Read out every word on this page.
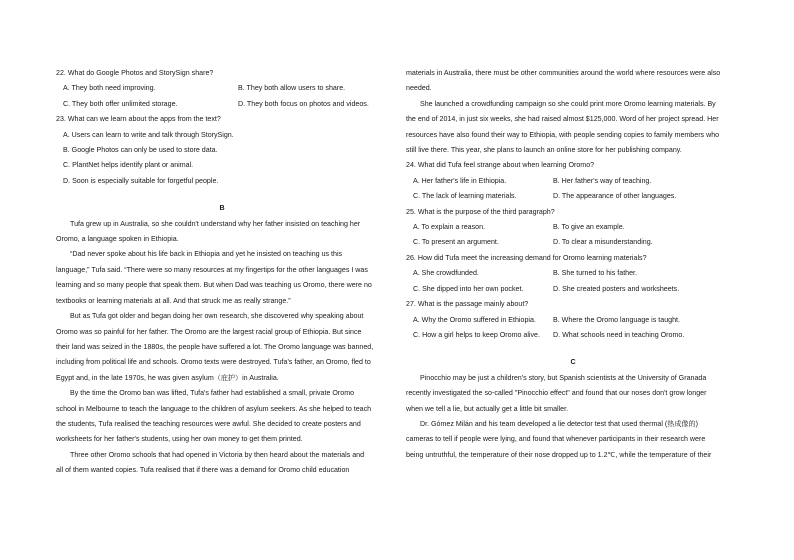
22. What do Google Photos and StorySign share?
A. They both need improving.	B. They both allow users to share.
C. They both offer unlimited storage.	D. They both focus on photos and videos.
23. What can we learn about the apps from the text?
A. Users can learn to write and talk through StorySign.
B. Google Photos can only be used to store data.
C. PlantNet helps identify plant or animal.
D. Soon is especially suitable for forgetful people.
B
Tufa grew up in Australia, so she couldn't understand why her father insisted on teaching her
Oromo, a language spoken in Ethiopia.
“Dad never spoke about his life back in Ethiopia and yet he insisted on teaching us this
language,” Tufa said. “There were so many resources at my fingertips for the other languages I was
learning and so many people that speak them. But when Dad was teaching us Oromo, there were no
textbooks or learning materials at all. And that struck me as really strange.”
But as Tufa got older and began doing her own research, she discovered why speaking about
Oromo was so painful for her father. The Oromo are the largest racial group of Ethiopia. But since
their land was seized in the 1880s, the people have suffered a lot. The Oromo language was banned,
including from political life and schools. Oromo texts were destroyed. Tufa's father, an Oromo, fled to
Egypt and, in the late 1970s, he was given asylum（庇护）in Australia.
By the time the Oromo ban was lifted, Tufa's father had established a small, private Oromo
school in Melbourne to teach the language to the children of asylum seekers. As she helped to teach
the students, Tufa realised the teaching resources were awful. She decided to create posters and
worksheets for her father's students, using her own money to get them printed.
Three other Oromo schools that had opened in Victoria by then heard about the materials and
all of them wanted copies. Tufa realised that if there was a demand for Oromo child education
materials in Australia, there must be other communities around the world where resources were also
needed.
She launched a crowdfunding campaign so she could print more Oromo learning materials. By
the end of 2014, in just six weeks, she had raised almost $125,000. Word of her project spread. Her
resources have also found their way to Ethiopia, with people sending copies to family members who
still live there. This year, she plans to launch an online store for her publishing company.
24. What did Tufa feel strange about when learning Oromo?
A. Her father's life in Ethiopia.	B. Her father's way of teaching.
C. The lack of learning materials.	D. The appearance of other languages.
25. What is the purpose of the third paragraph?
A. To explain a reason.	B. To give an example.
C. To present an argument.	D. To clear a misunderstanding.
26. How did Tufa meet the increasing demand for Oromo learning materials?
A. She crowdfunded.	B. She turned to his father.
C. She dipped into her own pocket.	D. She created posters and worksheets.
27. What is the passage mainly about?
A. Why the Oromo suffered in Ethiopia.	B. Where the Oromo language is taught.
C. How a girl helps to keep Oromo alive.	D. What schools need in teaching Oromo.
C
Pinocchio may be just a children's story, but Spanish scientists at the University of Granada
recently investigated the so-called "Pinocchio effect" and found that our noses don't grow longer
when we tell a lie, but actually get a little bit smaller.
Dr. Gómez Milán and his team developed a lie detector test that used thermal (热成像的)
cameras to tell if people were lying, and found that whenever participants in their research were
being untruthful, the temperature of their nose dropped up to 1.2℃, while the temperature of their
